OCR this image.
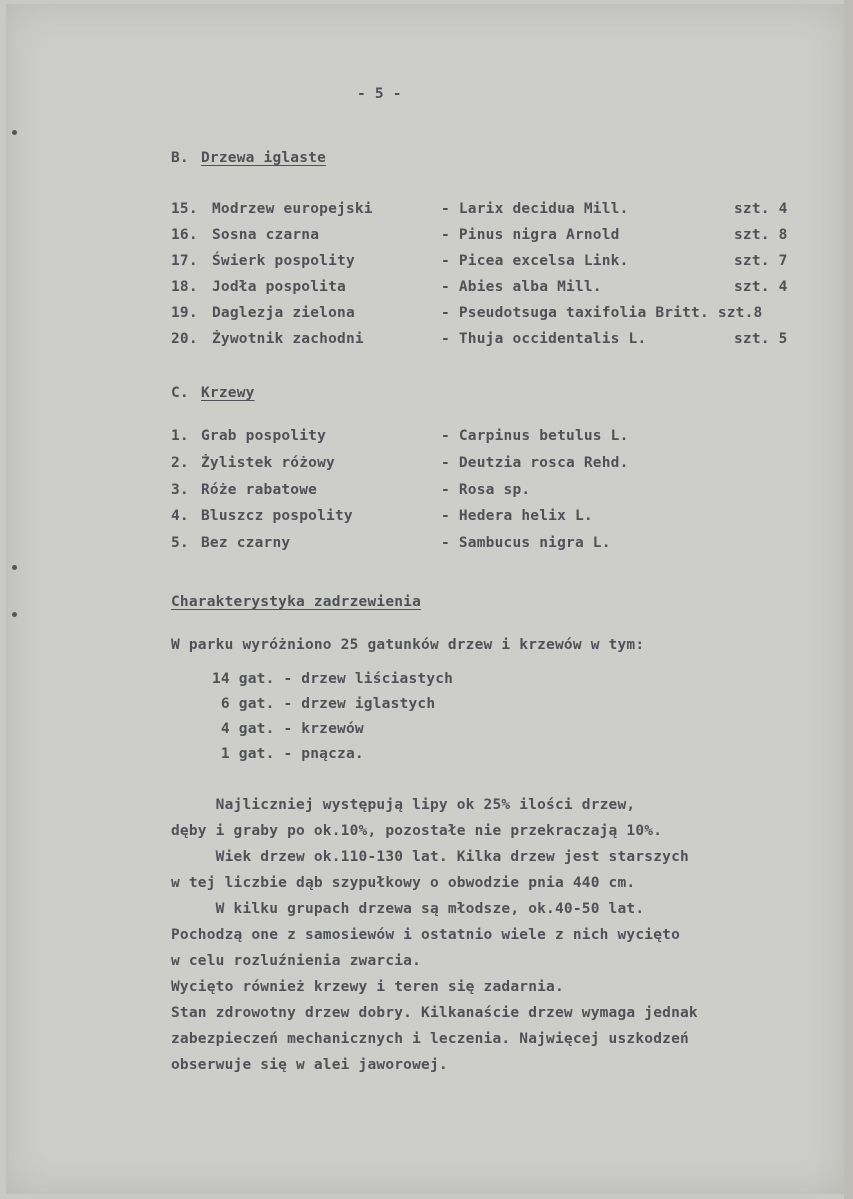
- 5 -
B. Drzewa iglaste
15. Modrzew europejski	- Larix decidua Mill.	szt. 4
16. Sosna czarna	- Pinus nigra Arnold	szt. 8
17. Świerk pospolity	- Picea excelsa Link.	szt. 7
18. Jodła pospolita	- Abies alba Mill.	szt. 4
19. Daglezja zielona	- Pseudotsuga taxifolia Britt. szt.8
20. Żywotnik zachodni	- Thuja occidentalis L.	szt. 5
C. Krzewy
1. Grab pospolity	- Carpinus betulus L.
2. Żylistek różowy	- Deutzia rosca Rehd.
3. Róże rabatowe	- Rosa sp.
4. Bluszcz pospolity	- Hedera helix L.
5. Bez czarny	- Sambucus nigra L.
Charakterystyka zadrzewienia
W parku wyróżniono 25 gatunków drzew i krzewów w tym:
14 gat. - drzew liściastych
6 gat. - drzew iglastych
4 gat. - krzewów
1 gat. - pnącza.
Najliczniej występują lipy ok 25% ilości drzew,
dęby i graby po ok.10%, pozostałe nie przekraczają 10%.
Wiek drzew ok.110-130 lat. Kilka drzew jest starszych
w tej liczbie dąb szypułkowy o obwodzie pnia 440 cm.
W kilku grupach drzewa są młodsze, ok.40-50 lat.
Pochodzą one z samosiewów i ostatnio wiele z nich wycięto
w celu rozluźnienia zwarcia.
Wycięto również krzewy i teren się zadarnia.
Stan zdrowotny drzew dobry. Kilkanaście drzew wymaga jednak
zabezpieczeń mechanicznych i leczenia. Najwięcej uszkodzeń
obserwuje się w alei jaworowej.
